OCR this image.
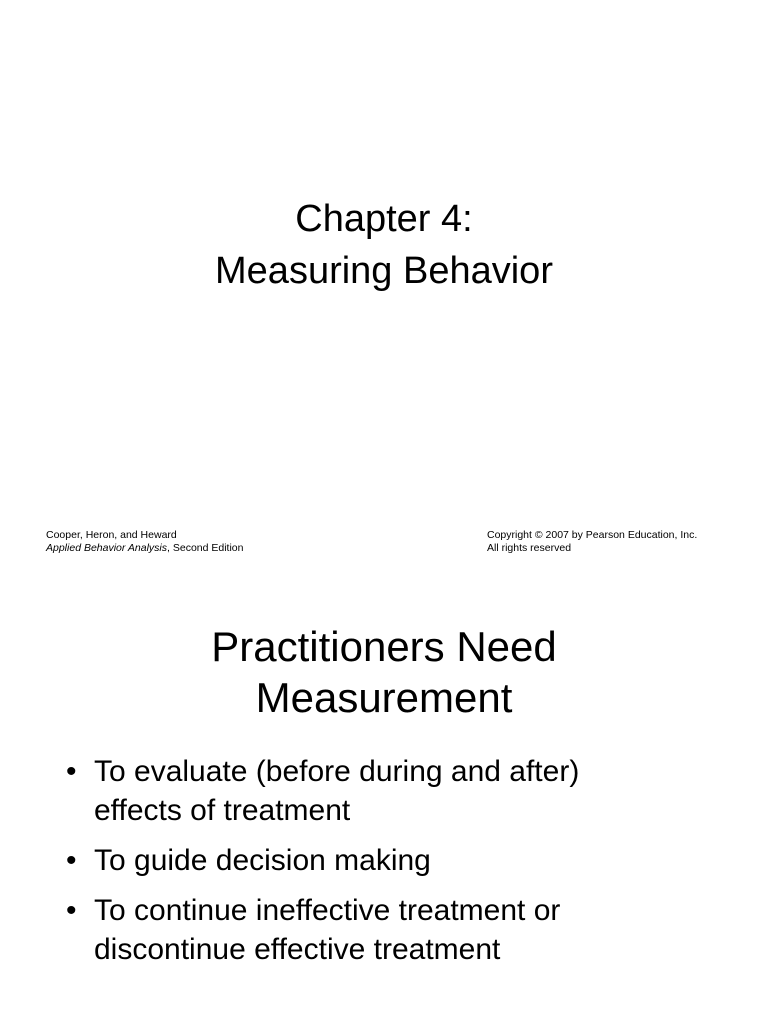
Chapter 4:
Measuring Behavior
Cooper, Heron, and Heward
Applied Behavior Analysis, Second Edition
Copyright © 2007 by Pearson Education, Inc.
All rights reserved
Practitioners Need
Measurement
• To evaluate (before during and after)
effects of treatment
• To guide decision making
• To continue ineffective treatment or
discontinue effective treatment
